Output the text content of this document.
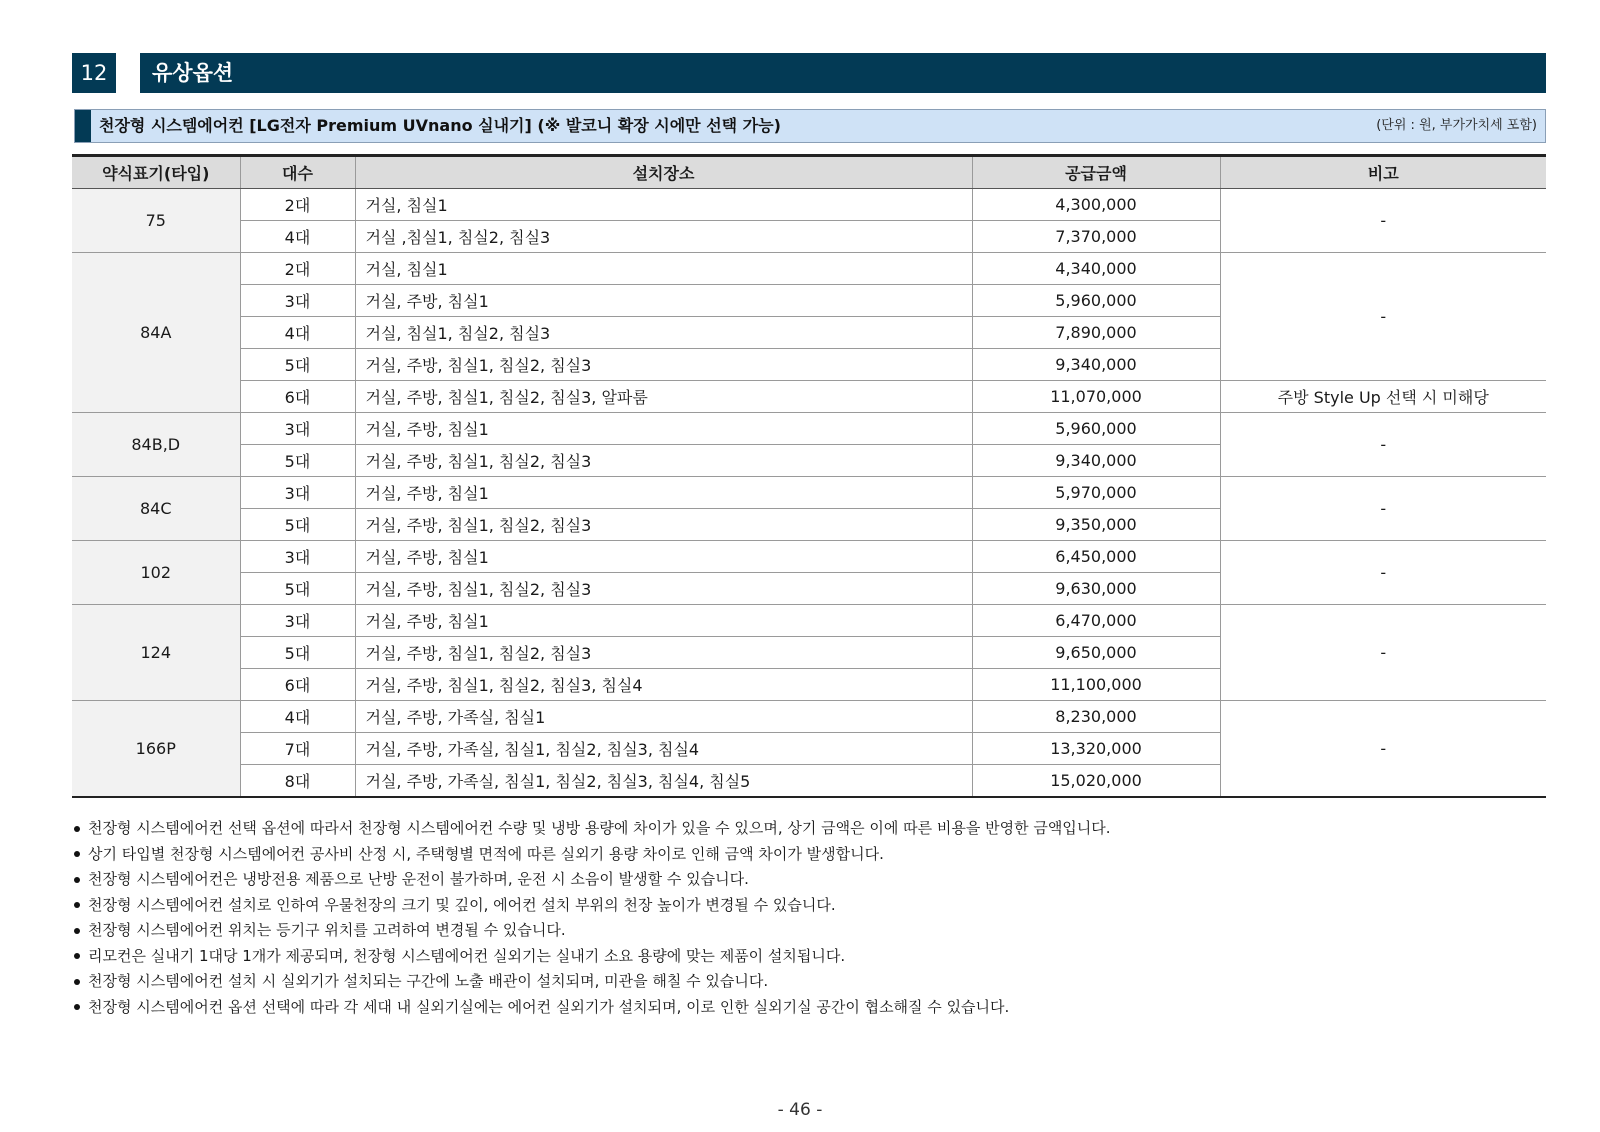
12	유상옵션
천장형 시스템에어컨 [LG전자 Premium UVnano 실내기] (※ 발코니 확장 시에만 선택 가능)	(단위 : 원, 부가가치세 포함)
약식표기(타입)	대수	설치장소	공급금액	비고
75	2대	거실, 침실1	4,300,000	-
	4대	거실 ,침실1, 침실2, 침실3	7,370,000	
84A	2대	거실, 침실1	4,340,000	-
	3대	거실, 주방, 침실1	5,960,000	
	4대	거실, 침실1, 침실2, 침실3	7,890,000	
	5대	거실, 주방, 침실1, 침실2, 침실3	9,340,000	
	6대	거실, 주방, 침실1, 침실2, 침실3, 알파룸	11,070,000	주방 Style Up 선택 시 미해당
84B,D	3대	거실, 주방, 침실1	5,960,000	-
	5대	거실, 주방, 침실1, 침실2, 침실3	9,340,000	
84C	3대	거실, 주방, 침실1	5,970,000	-
	5대	거실, 주방, 침실1, 침실2, 침실3	9,350,000	
102	3대	거실, 주방, 침실1	6,450,000	-
	5대	거실, 주방, 침실1, 침실2, 침실3	9,630,000	
124	3대	거실, 주방, 침실1	6,470,000	-
	5대	거실, 주방, 침실1, 침실2, 침실3	9,650,000	
	6대	거실, 주방, 침실1, 침실2, 침실3, 침실4	11,100,000	
166P	4대	거실, 주방, 가족실, 침실1	8,230,000	-
	7대	거실, 주방, 가족실, 침실1, 침실2, 침실3, 침실4	13,320,000	
	8대	거실, 주방, 가족실, 침실1, 침실2, 침실3, 침실4, 침실5	15,020,000	
천장형 시스템에어컨 선택 옵션에 따라서 천장형 시스템에어컨 수량 및 냉방 용량에 차이가 있을 수 있으며, 상기 금액은 이에 따른 비용을 반영한 금액입니다.
상기 타입별 천장형 시스템에어컨 공사비 산정 시, 주택형별 면적에 따른 실외기 용량 차이로 인해 금액 차이가 발생합니다.
천장형 시스템에어컨은 냉방전용 제품으로 난방 운전이 불가하며, 운전 시 소음이 발생할 수 있습니다.
천장형 시스템에어컨 설치로 인하여 우물천장의 크기 및 깊이, 에어컨 설치 부위의 천장 높이가 변경될 수 있습니다.
천장형 시스템에어컨 위치는 등기구 위치를 고려하여 변경될 수 있습니다.
리모컨은 실내기 1대당 1개가 제공되며, 천장형 시스템에어컨 실외기는 실내기 소요 용량에 맞는 제품이 설치됩니다.
천장형 시스템에어컨 설치 시 실외기가 설치되는 구간에 노출 배관이 설치되며, 미관을 해칠 수 있습니다.
천장형 시스템에어컨 옵션 선택에 따라 각 세대 내 실외기실에는 에어컨 실외기가 설치되며, 이로 인한 실외기실 공간이 협소해질 수 있습니다.
- 46 -
